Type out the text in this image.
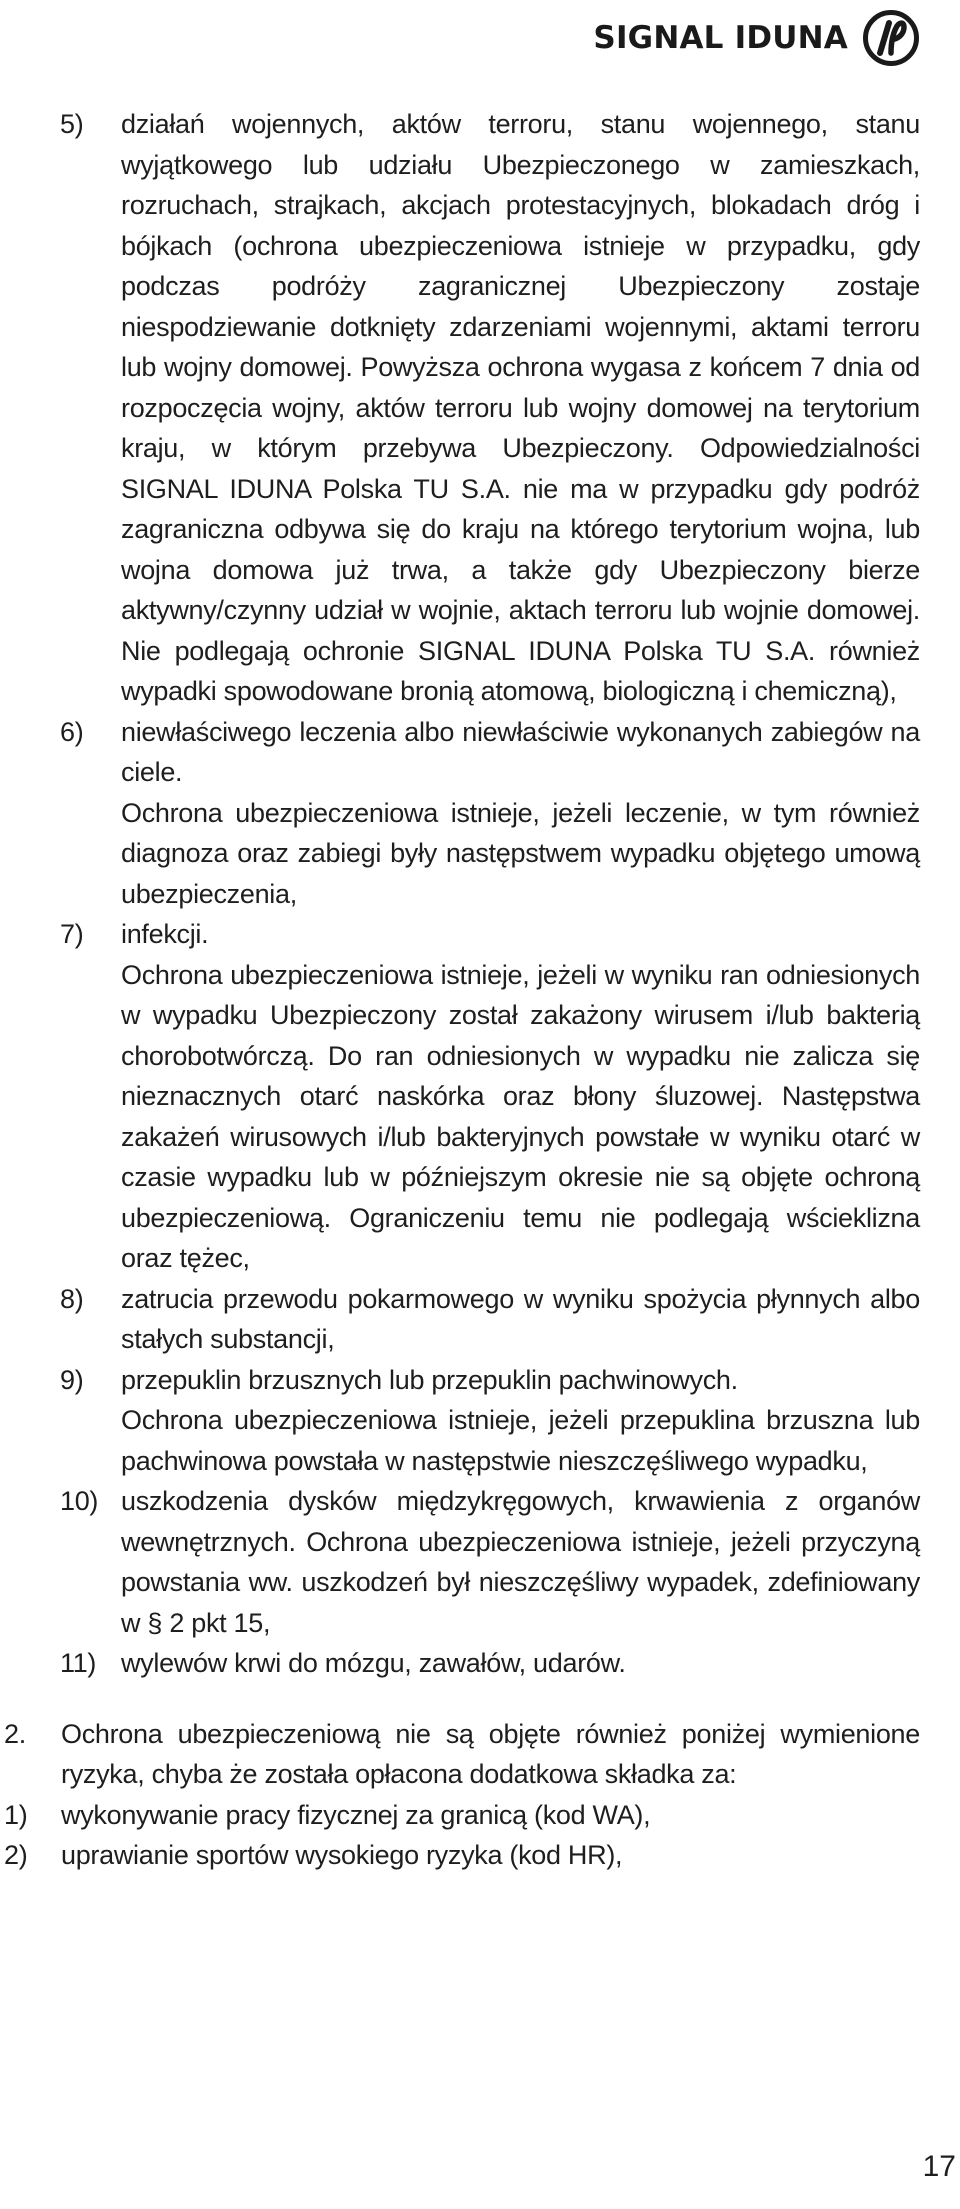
SIGNAL IDUNA
5) działań wojennych, aktów terroru, stanu wojennego, stanu wyjątkowego lub udziału Ubezpieczonego w zamieszkach, rozruchach, strajkach, akcjach protestacyjnych, blokadach dróg i bójkach (ochrona ubezpieczeniowa istnieje w przypadku, gdy podczas podróży zagranicznej Ubezpieczony zostaje niespodziewanie dotknięty zdarzeniami wojennymi, aktami terroru lub wojny domowej. Powyższa ochrona wygasa z końcem 7 dnia od rozpoczęcia wojny, aktów terroru lub wojny domowej na terytorium kraju, w którym przebywa Ubezpieczony. Odpowiedzialności SIGNAL IDUNA Polska TU S.A. nie ma w przypadku gdy podróż zagraniczna odbywa się do kraju na którego terytorium wojna, lub wojna domowa już trwa, a także gdy Ubezpieczony bierze aktywny/czynny udział w wojnie, aktach terroru lub wojnie domowej. Nie podlegają ochronie SIGNAL IDUNA Polska TU S.A. również wypadki spowodowane bronią atomową, biologiczną i chemiczną),

6) niewłaściwego leczenia albo niewłaściwie wykonanych zabiegów na ciele.

Ochrona ubezpieczeniowa istnieje, jeżeli leczenie, w tym również diagnoza oraz zabiegi były następstwem wypadku objętego umową ubezpieczenia,

7) infekcji.

Ochrona ubezpieczeniowa istnieje, jeżeli w wyniku ran odniesionych w wypadku Ubezpieczony został zakażony wirusem i/lub bakterią chorobotwórczą. Do ran odniesionych w wypadku nie zalicza się nieznacznych otarć naskórka oraz błony śluzowej. Następstwa zakażeń wirusowych i/lub bakteryjnych powstałe w wyniku otarć w czasie wypadku lub w późniejszym okresie nie są objęte ochroną ubezpieczeniową. Ograniczeniu temu nie podlegają wścieklizna oraz tężec,

8) zatrucia przewodu pokarmowego w wyniku spożycia płynnych albo stałych substancji,

9) przepuklin brzusznych lub przepuklin pachwinowych.

Ochrona ubezpieczeniowa istnieje, jeżeli przepuklina brzuszna lub pachwinowa powstała w następstwie nieszczęśliwego wypadku,

10) uszkodzenia dysków międzykręgowych, krwawienia z organów wewnętrznych. Ochrona ubezpieczeniowa istnieje, jeżeli przyczyną powstania ww. uszkodzeń był nieszczęśliwy wypadek, zdefiniowany w § 2 pkt 15,

11) wylewów krwi do mózgu, zawałów, udarów.

2. Ochrona ubezpieczeniową nie są objęte również poniżej wymienione ryzyka, chyba że została opłacona dodatkowa składka za:

1) wykonywanie pracy fizycznej za granicą (kod WA),

2) uprawianie sportów wysokiego ryzyka (kod HR),

17
